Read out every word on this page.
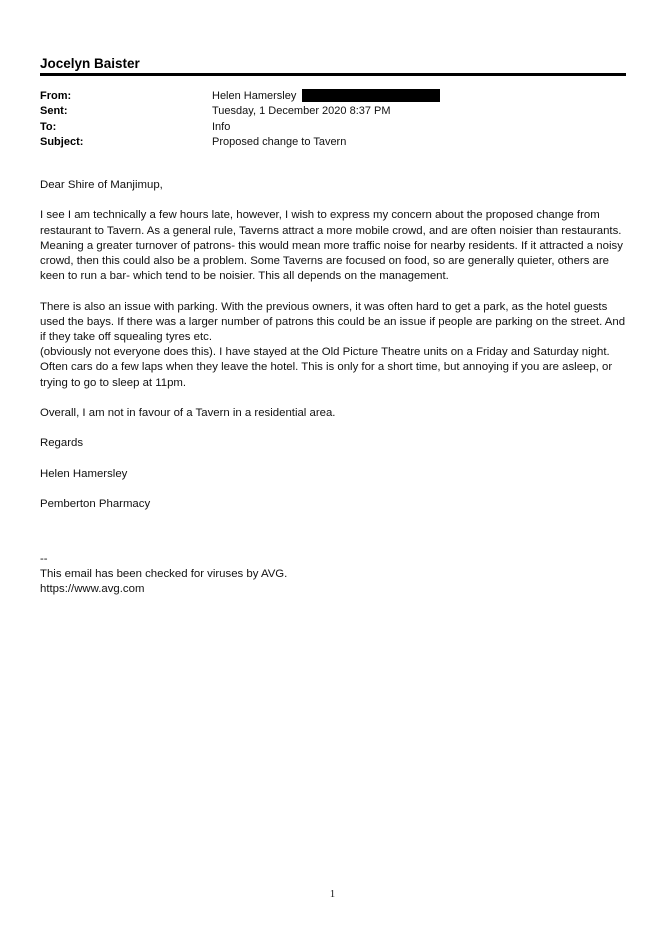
Jocelyn Baister
From:	Helen Hamersley
Sent:	Tuesday, 1 December 2020 8:37 PM
To:	Info
Subject:	Proposed change to Tavern

Dear Shire of Manjimup,

I see I am technically a few hours late, however, I wish to express my concern about the proposed change from restaurant to Tavern. As a general rule, Taverns attract a more mobile crowd, and are often noisier than restaurants. Meaning a greater turnover of patrons- this would mean more traffic noise for nearby residents. If it attracted a noisy crowd, then this could also be a problem. Some Taverns are focused on food, so are generally quieter, others are keen to run a bar- which tend to be noisier. This all depends on the management.

There is also an issue with parking. With the previous owners, it was often hard to get a park, as the hotel guests used the bays. If there was a larger number of patrons this could be an issue if people are parking on the street. And if they take off squealing tyres etc.

(obviously not everyone does this). I have stayed at the Old Picture Theatre units on a Friday and Saturday night. Often cars do a few laps when they leave the hotel. This is only for a short time, but annoying if you are asleep, or trying to go to sleep at 11pm.

Overall, I am not in favour of a Tavern in a residential area.

Regards

Helen Hamersley

Pemberton Pharmacy

--
This email has been checked for viruses by AVG.
https://www.avg.com
1
